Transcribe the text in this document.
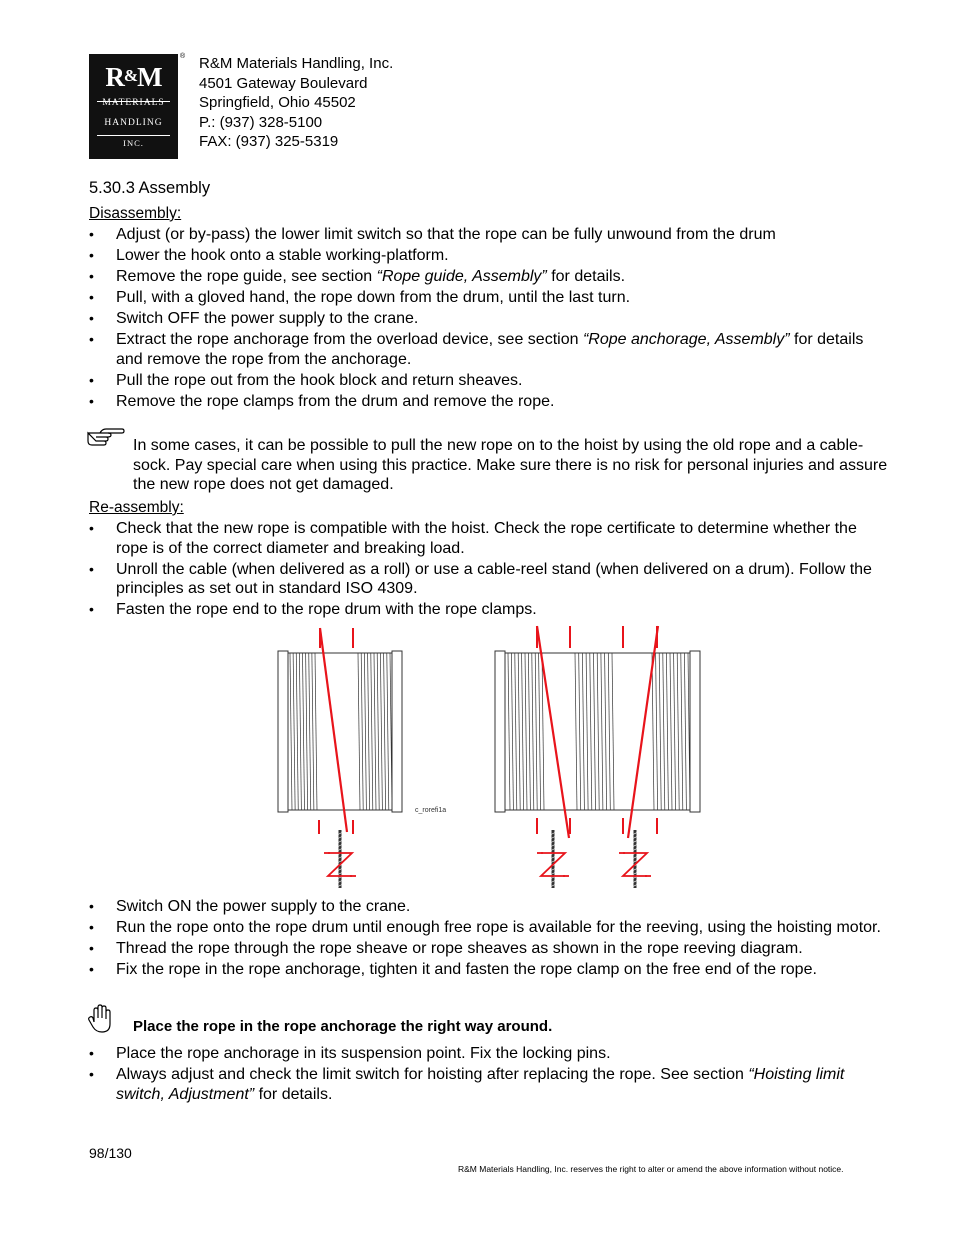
R&M
MATERIALS
HANDLING
INC.
® R&M Materials Handling, Inc.
4501 Gateway Boulevard
Springfield, Ohio 45502
P.: (937) 328-5100
FAX: (937) 325-5319
5.30.3 Assembly
Disassembly:
• Adjust (or by-pass) the lower limit switch so that the rope can be fully unwound from the drum
• Lower the hook onto a stable working-platform.
• Remove the rope guide, see section “Rope guide, Assembly” for details.
• Pull, with a gloved hand, the rope down from the drum, until the last turn.
• Switch OFF the power supply to the crane.
• Extract the rope anchorage from the overload device, see section “Rope anchorage, Assembly” for details and remove the rope from the anchorage.
• Pull the rope out from the hook block and return sheaves.
• Remove the rope clamps from the drum and remove the rope.
In some cases, it can be possible to pull the new rope on to the hoist by using the old rope and a cable-sock. Pay special care when using this practice. Make sure there is no risk for personal injuries and assure the new rope does not get damaged.
Re-assembly:
• Check that the new rope is compatible with the hoist. Check the rope certificate to determine whether the rope is of the correct diameter and breaking load.
• Unroll the cable (when delivered as a roll) or use a cable-reel stand (when delivered on a drum). Follow the principles as set out in standard ISO 4309.
• Fasten the rope end to the rope drum with the rope clamps.
c_rorefi1a
• Switch ON the power supply to the crane.
• Run the rope onto the rope drum until enough free rope is available for the reeving, using the hoisting motor.
• Thread the rope through the rope sheave or rope sheaves as shown in the rope reeving diagram.
• Fix the rope in the rope anchorage, tighten it and fasten the rope clamp on the free end of the rope.
Place the rope in the rope anchorage the right way around.
• Place the rope anchorage in its suspension point. Fix the locking pins.
• Always adjust and check the limit switch for hoisting after replacing the rope. See section “Hoisting limit switch, Adjustment” for details.
98/130
R&M Materials Handling, Inc. reserves the right to alter or amend the above information without notice.
